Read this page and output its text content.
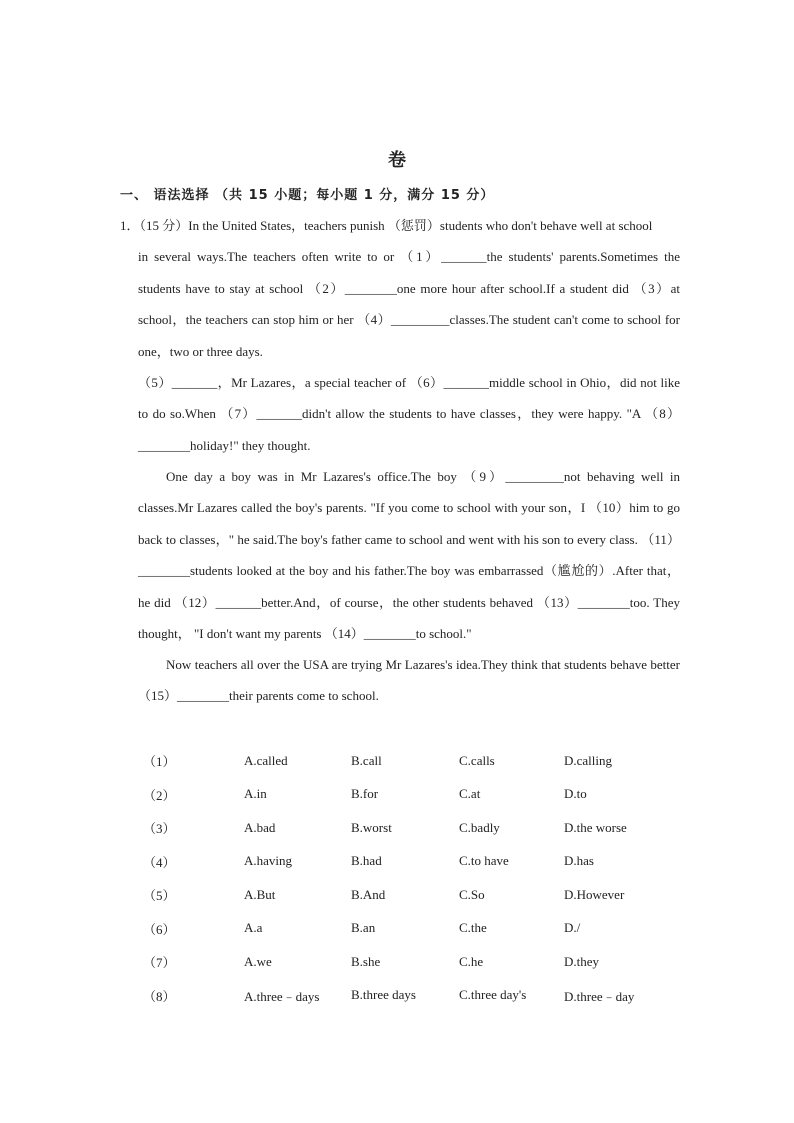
卷
一、 语法选择 （共 15 小题；每小题 1 分，满分 15 分）
1．（15 分）In the United States，teachers punish （惩罚）students who don't behave well at school
in several ways.The teachers often write to or （1）_______the students' parents.Sometimes the students have to stay at school （2）________one more hour after school.If a student did （3）at school，the teachers can stop him or her （4）_________classes.The student can't come to school for one，two or three days.
（5）_______，Mr Lazares，a special teacher of （6）_______middle school in Ohio，did not like to do so.When （7）_______didn't allow the students to have classes，they were happy. "A （8）________holiday!" they thought.
One day a boy was in Mr Lazares's office.The boy （9）_________not behaving well in classes.Mr Lazares called the boy's parents. "If you come to school with your son，I （10）him to go back to classes，" he said.The boy's father came to school and went with his son to every class. （11）________students looked at the boy and his father.The boy was embarrassed（尴尬的）.After that，he did （12）_______better.And，of course，the other students behaved （13）________too. They thought， "I don't want my parents （14）________to school."
Now teachers all over the USA are trying Mr Lazares's idea.They think that students behave better （15）________their parents come to school.
（1）	A.called	B.call	C.calls	D.calling
（2）	A.in	B.for	C.at	D.to
（3）	A.bad	B.worst	C.badly	D.the worse
（4）	A.having	B.had	C.to have	D.has
（5）	A.But	B.And	C.So	D.However
（6）	A.a	B.an	C.the	D./
（7）	A.we	B.she	C.he	D.they
（8）	A.three﹣days	B.three days	C.three day's	D.three﹣day
